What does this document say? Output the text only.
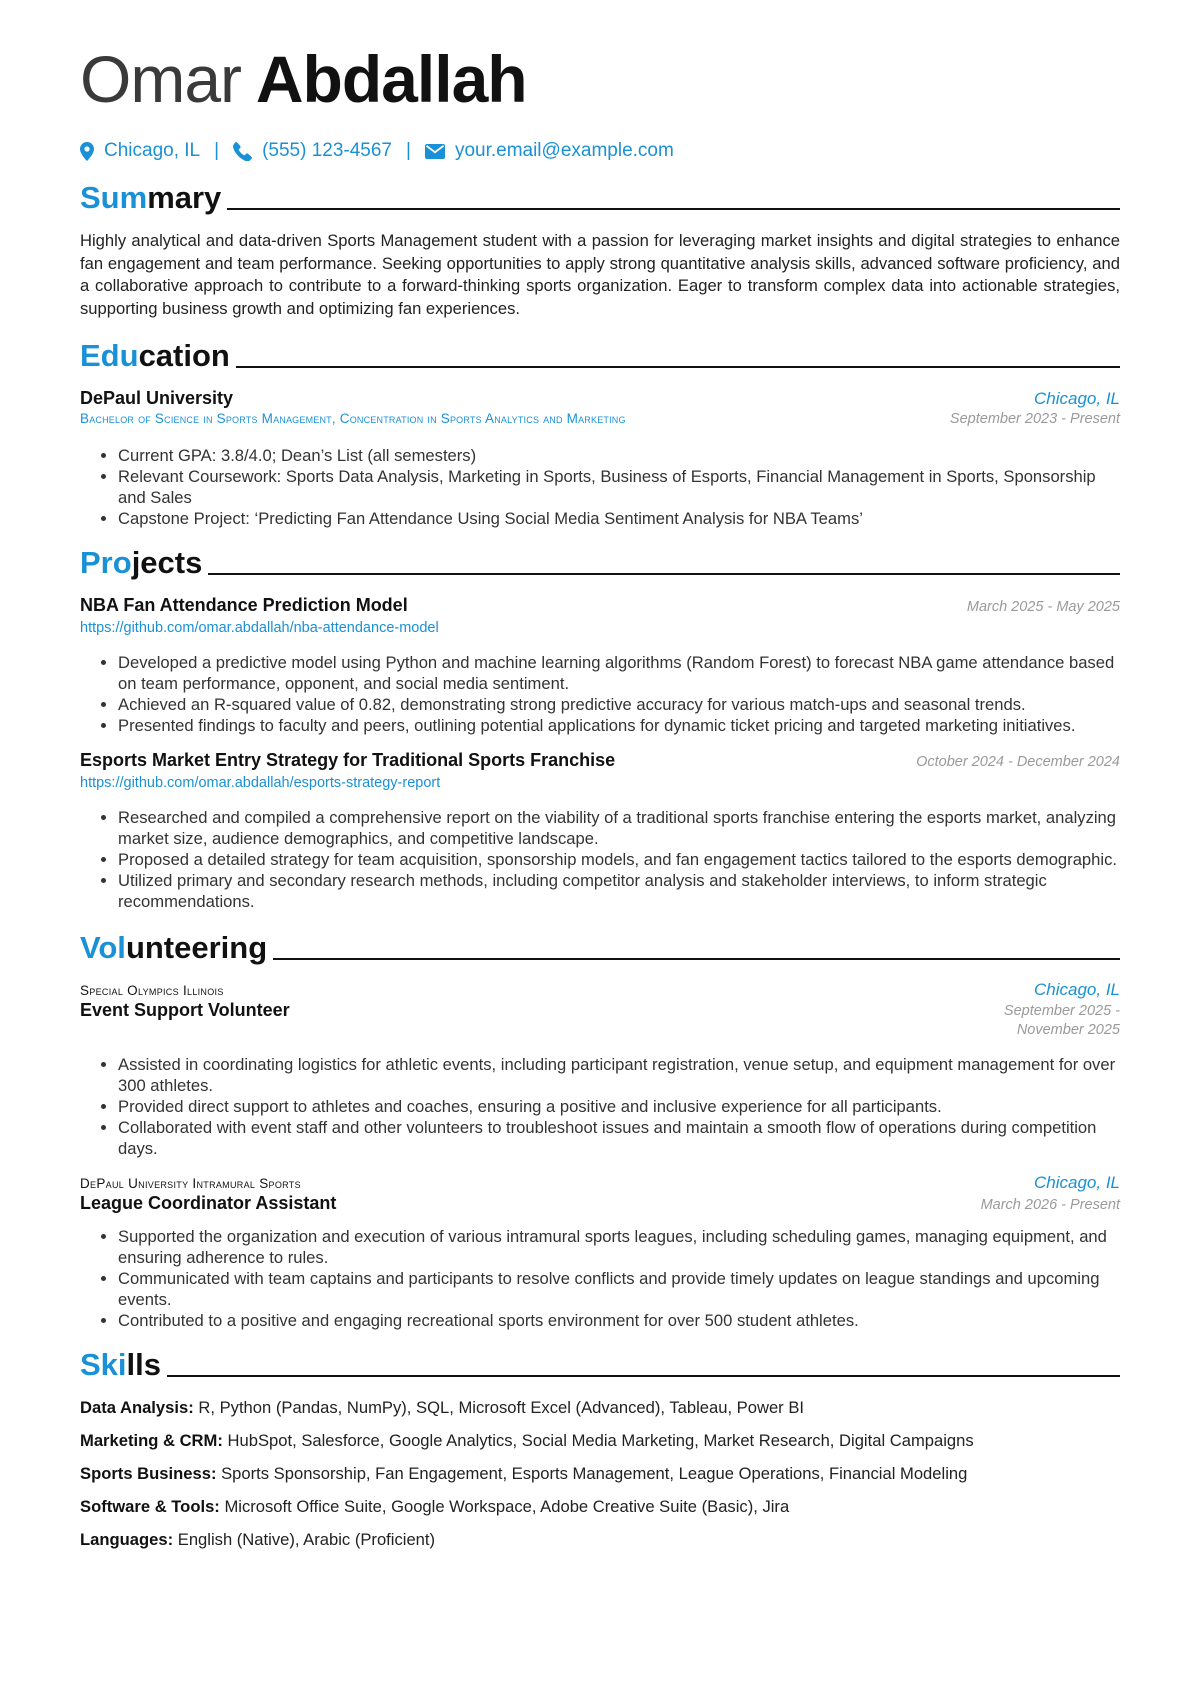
Omar Abdallah
Chicago, IL | (555) 123-4567 | your.email@example.com
Summary
Highly analytical and data-driven Sports Management student with a passion for leveraging market insights and digital strategies to enhance fan engagement and team performance. Seeking opportunities to apply strong quantitative analysis skills, advanced software proficiency, and a collaborative approach to contribute to a forward-thinking sports organization. Eager to transform complex data into actionable strategies, supporting business growth and optimizing fan experiences.
Education
DePaul University	Chicago, IL
Bachelor of Science in Sports Management, Concentration in Sports Analytics and Marketing	September 2023 - Present
• Current GPA: 3.8/4.0; Dean’s List (all semesters)
• Relevant Coursework: Sports Data Analysis, Marketing in Sports, Business of Esports, Financial Management in Sports, Sponsorship and Sales
• Capstone Project: ‘Predicting Fan Attendance Using Social Media Sentiment Analysis for NBA Teams’
Projects
NBA Fan Attendance Prediction Model	March 2025 - May 2025
https://github.com/omar.abdallah/nba-attendance-model
• Developed a predictive model using Python and machine learning algorithms (Random Forest) to forecast NBA game attendance based on team performance, opponent, and social media sentiment.
• Achieved an R-squared value of 0.82, demonstrating strong predictive accuracy for various match-ups and seasonal trends.
• Presented findings to faculty and peers, outlining potential applications for dynamic ticket pricing and targeted marketing initiatives.
Esports Market Entry Strategy for Traditional Sports Franchise	October 2024 - December 2024
https://github.com/omar.abdallah/esports-strategy-report
• Researched and compiled a comprehensive report on the viability of a traditional sports franchise entering the esports market, analyzing market size, audience demographics, and competitive landscape.
• Proposed a detailed strategy for team acquisition, sponsorship models, and fan engagement tactics tailored to the esports demographic.
• Utilized primary and secondary research methods, including competitor analysis and stakeholder interviews, to inform strategic recommendations.
Volunteering
Special Olympics Illinois	Chicago, IL
Event Support Volunteer	September 2025 - November 2025
• Assisted in coordinating logistics for athletic events, including participant registration, venue setup, and equipment management for over 300 athletes.
• Provided direct support to athletes and coaches, ensuring a positive and inclusive experience for all participants.
• Collaborated with event staff and other volunteers to troubleshoot issues and maintain a smooth flow of operations during competition days.
DePaul University Intramural Sports	Chicago, IL
League Coordinator Assistant	March 2026 - Present
• Supported the organization and execution of various intramural sports leagues, including scheduling games, managing equipment, and ensuring adherence to rules.
• Communicated with team captains and participants to resolve conflicts and provide timely updates on league standings and upcoming events.
• Contributed to a positive and engaging recreational sports environment for over 500 student athletes.
Skills
Data Analysis: R, Python (Pandas, NumPy), SQL, Microsoft Excel (Advanced), Tableau, Power BI
Marketing & CRM: HubSpot, Salesforce, Google Analytics, Social Media Marketing, Market Research, Digital Campaigns
Sports Business: Sports Sponsorship, Fan Engagement, Esports Management, League Operations, Financial Modeling
Software & Tools: Microsoft Office Suite, Google Workspace, Adobe Creative Suite (Basic), Jira
Languages: English (Native), Arabic (Proficient)
